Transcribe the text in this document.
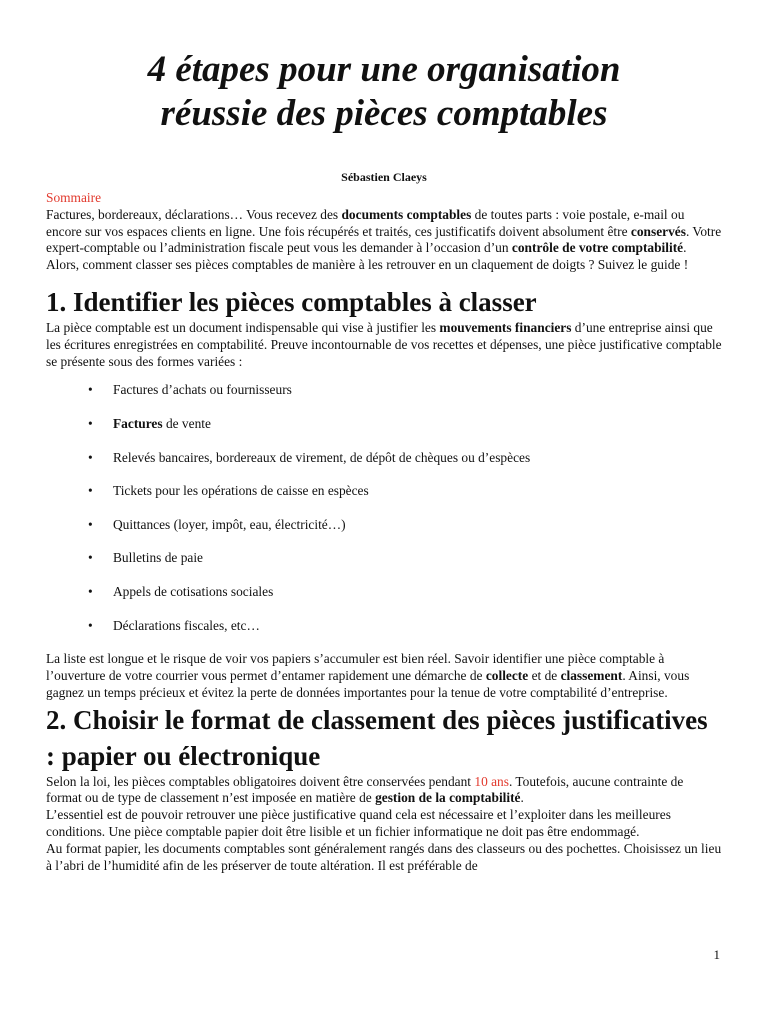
4 étapes pour une organisation
réussie des pièces comptables
Sébastien Claeys
Sommaire

Factures, bordereaux, déclarations… Vous recevez des documents comptables de toutes parts : voie postale, e-mail ou encore sur vos espaces clients en ligne. Une fois récupérés et traités, ces justificatifs doivent absolument être conservés. Votre expert-comptable ou l’administration fiscale peut vous les demander à l’occasion d’un contrôle de votre comptabilité.

Alors, comment classer ses pièces comptables de manière à les retrouver en un claquement de doigts ? Suivez le guide !

1. Identifier les pièces comptables à classer

La pièce comptable est un document indispensable qui vise à justifier les mouvements financiers d’une entreprise ainsi que les écritures enregistrées en comptabilité. Preuve incontournable de vos recettes et dépenses, une pièce justificative comptable se présente sous des formes variées :

• Factures d’achats ou fournisseurs
• Factures de vente
• Relevés bancaires, bordereaux de virement, de dépôt de chèques ou d’espèces
• Tickets pour les opérations de caisse en espèces
• Quittances (loyer, impôt, eau, électricité…)
• Bulletins de paie
• Appels de cotisations sociales
• Déclarations fiscales, etc…

La liste est longue et le risque de voir vos papiers s’accumuler est bien réel. Savoir identifier une pièce comptable à l’ouverture de votre courrier vous permet d’entamer rapidement une démarche de collecte et de classement. Ainsi, vous gagnez un temps précieux et évitez la perte de données importantes pour la tenue de votre comptabilité d’entreprise.

2. Choisir le format de classement des pièces justificatives : papier ou électronique

Selon la loi, les pièces comptables obligatoires doivent être conservées pendant 10 ans. Toutefois, aucune contrainte de format ou de type de classement n’est imposée en matière de gestion de la comptabilité.

L’essentiel est de pouvoir retrouver une pièce justificative quand cela est nécessaire et l’exploiter dans les meilleures conditions. Une pièce comptable papier doit être lisible et un fichier informatique ne doit pas être endommagé.

Au format papier, les documents comptables sont généralement rangés dans des classeurs ou des pochettes. Choisissez un lieu à l’abri de l’humidité afin de les préserver de toute altération. Il est préférable de

1
